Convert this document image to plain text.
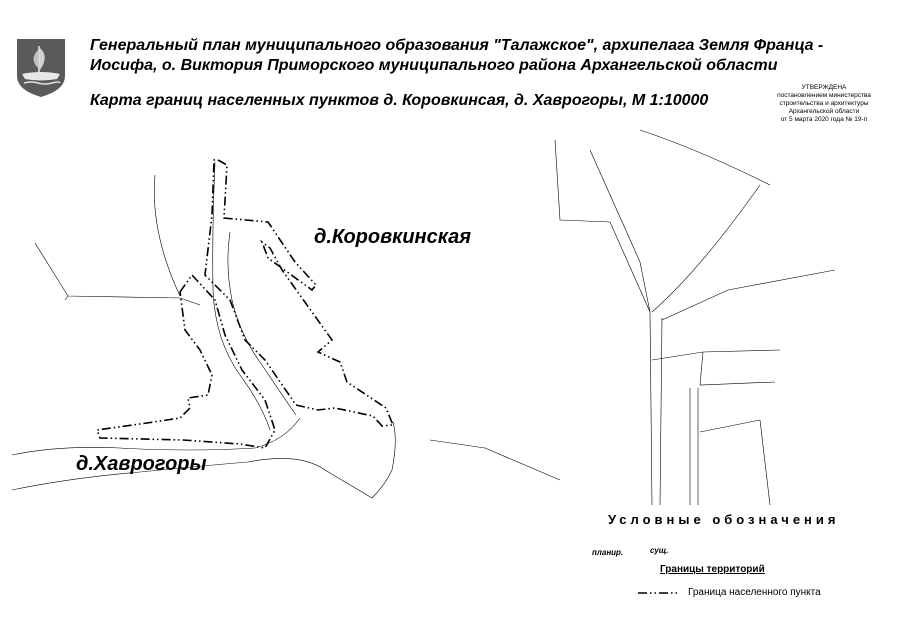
Генеральный план муниципального образования "Талажское", архипелага Земля Франца -
Иосифа, о. Виктория Приморского муниципального района Архангельской области
Карта границ населенных пунктов д. Коровкинсая, д. Хаврогоры, М 1:10000
УТВЕРЖДЕНА
постановлением министерства
строительства и архитектуры
Архангельской области
от 5 марта 2020 года № 19-п
д.Коровкинская
д.Хаврогоры
Условные обозначения
планир.	сущ.
Границы территорий
Граница населенного пункта
